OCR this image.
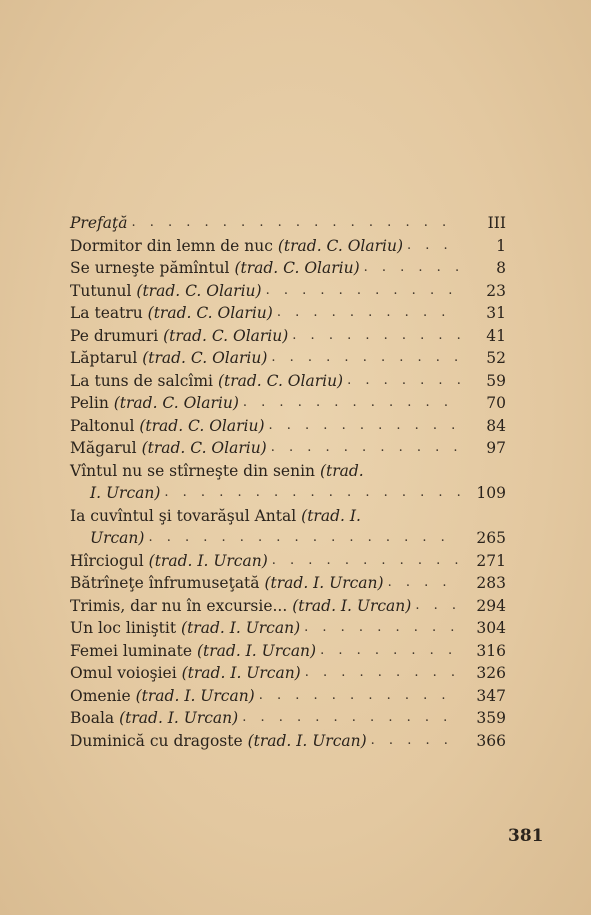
Prefaţă . . .	III
Dormitor din lemn de nuc (trad. C. Olariu) . . .	1
Se urneşte pămîntul (trad. C. Olariu) . . .	8
Tutunul (trad. C. Olariu) . . .	23
La teatru (trad. C. Olariu) . . .	31
Pe drumuri (trad. C. Olariu) . . .	41
Lăptarul (trad. C. Olariu) . . .	52
La tuns de salcîmi (trad. C. Olariu) . . .	59
Pelin (trad. C. Olariu) . . .	70
Paltonul (trad. C. Olariu) . . .	84
Măgarul (trad. C. Olariu) . . .	97
Vîntul nu se stîrneşte din senin (trad.
I. Urcan) . . .	109
Ia cuvîntul şi tovarăşul Antal (trad. I.
Urcan) . . .	265
Hîrciogul (trad. I. Urcan) . . .	271
Bătrîneţe înfrumuseţată (trad. I. Urcan) . . .	283
Trimis, dar nu în excursie... (trad. I. Urcan) . . .	294
Un loc liniştit (trad. I. Urcan) . . .	304
Femei luminate (trad. I. Urcan) . . .	316
Omul voioşiei (trad. I. Urcan) . . .	326
Omenie (trad. I. Urcan) . . .	347
Boala (trad. I. Urcan) . . .	359
Duminică cu dragoste (trad. I. Urcan) . . .	366
381
